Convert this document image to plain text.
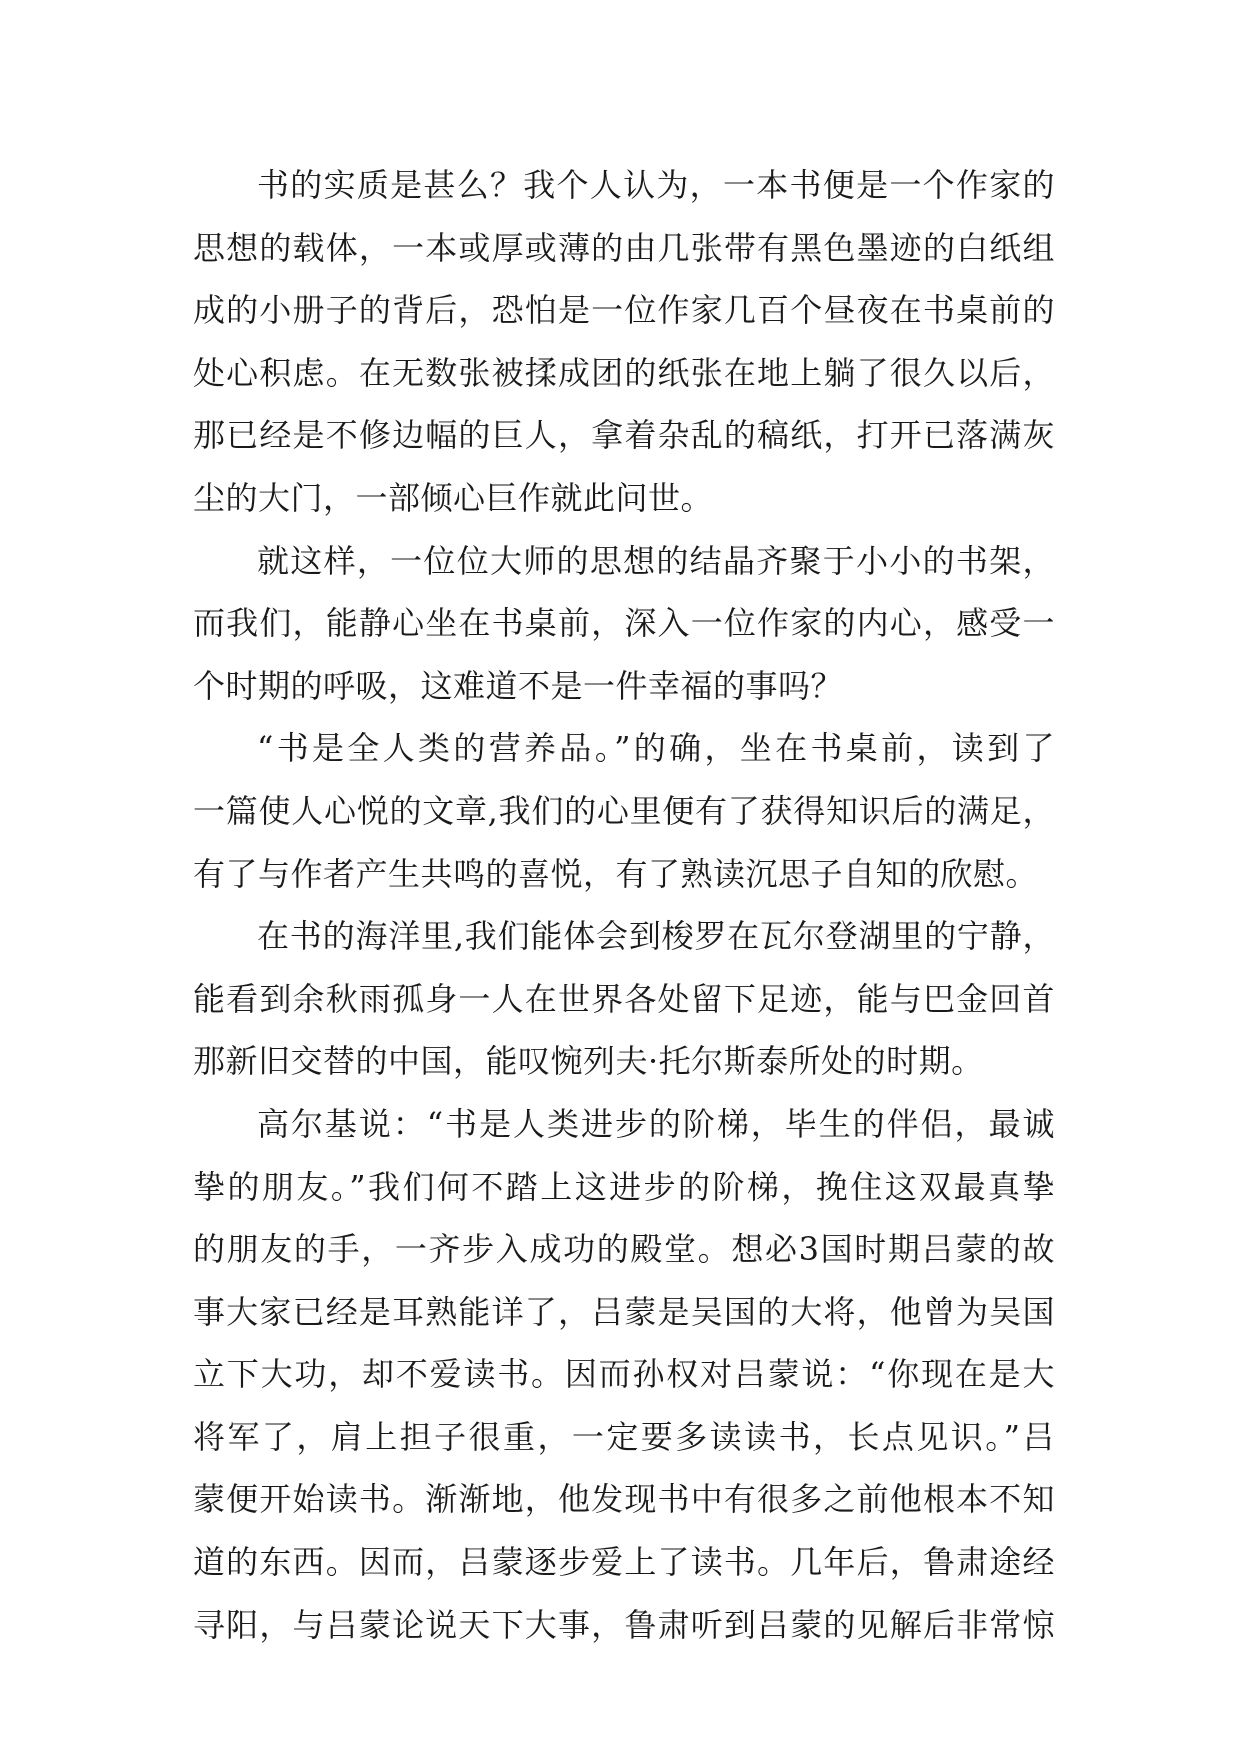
书的实质是甚么？我个人认为，一本书便是一个作家的
思想的载体，一本或厚或薄的由几张带有黑色墨迹的白纸组
成的小册子的背后，恐怕是一位作家几百个昼夜在书桌前的
处心积虑。在无数张被揉成团的纸张在地上躺了很久以后，
那已经是不修边幅的巨人，拿着杂乱的稿纸，打开已落满灰
尘的大门，一部倾心巨作就此问世。
就这样，一位位大师的思想的结晶齐聚于小小的书架，
而我们，能静心坐在书桌前，深入一位作家的内心，感受一
个时期的呼吸，这难道不是一件幸福的事吗？
“书是全人类的营养品。”的确，坐在书桌前，读到了
一篇使人心悦的文章,我们的心里便有了获得知识后的满足，
有了与作者产生共鸣的喜悦，有了熟读沉思子自知的欣慰。
在书的海洋里,我们能体会到梭罗在瓦尔登湖里的宁静，
能看到余秋雨孤身一人在世界各处留下足迹，能与巴金回首
那新旧交替的中国，能叹惋列夫·托尔斯泰所处的时期。
高尔基说：“书是人类进步的阶梯，毕生的伴侣，最诚
挚的朋友。”我们何不踏上这进步的阶梯，挽住这双最真挚
的朋友的手，一齐步入成功的殿堂。想必3国时期吕蒙的故
事大家已经是耳熟能详了，吕蒙是吴国的大将，他曾为吴国
立下大功，却不爱读书。因而孙权对吕蒙说：“你现在是大
将军了，肩上担子很重，一定要多读读书，长点见识。”吕
蒙便开始读书。渐渐地，他发现书中有很多之前他根本不知
道的东西。因而，吕蒙逐步爱上了读书。几年后，鲁肃途经
寻阳，与吕蒙论说天下大事，鲁肃听到吕蒙的见解后非常惊
